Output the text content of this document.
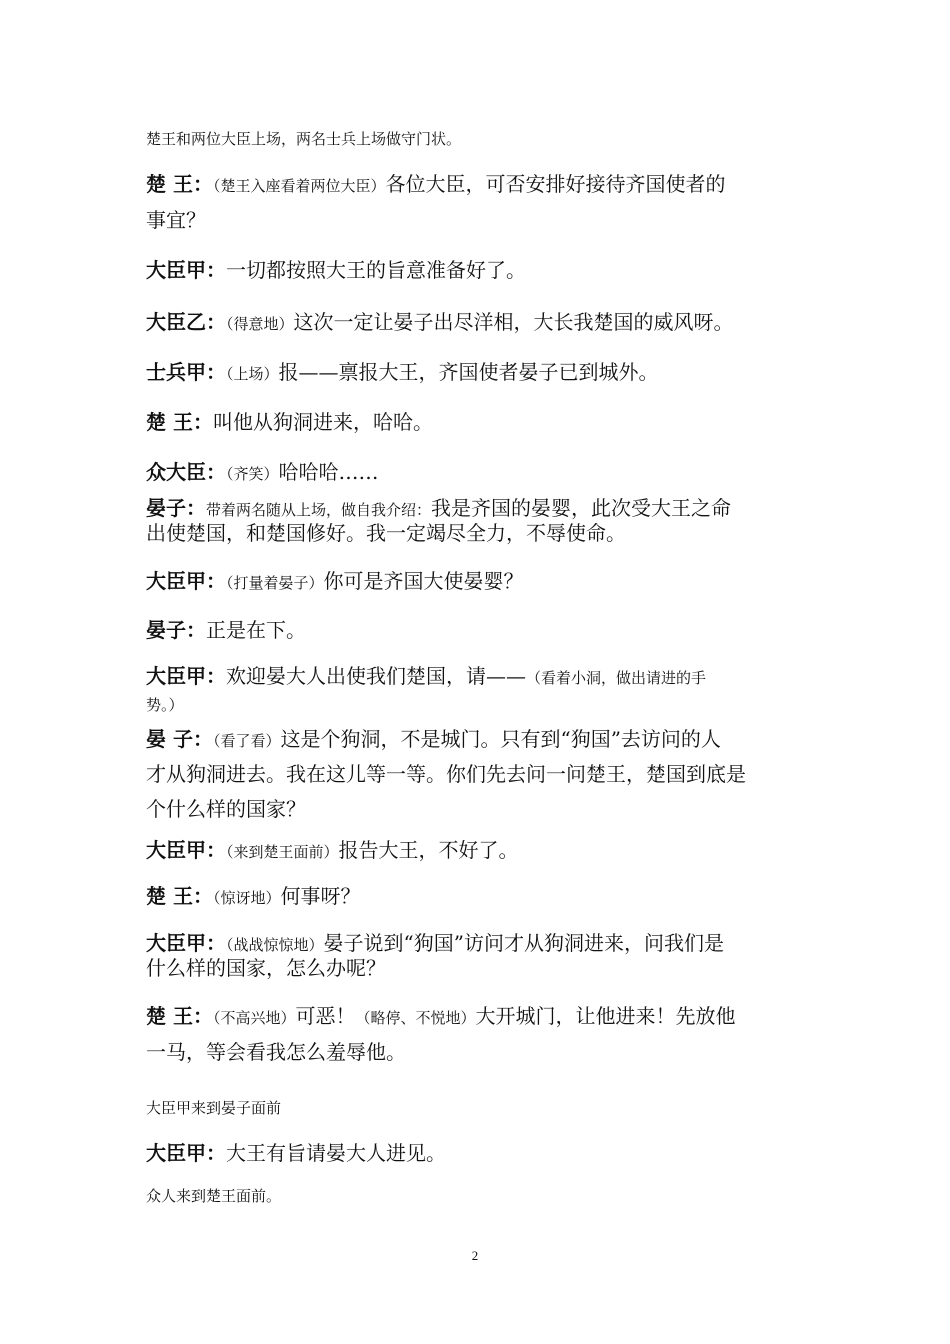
楚王和两位大臣上场，两名士兵上场做守门状。
楚 王：（楚王入座看着两位大臣）各位大臣，可否安排好接待齐国使者的
事宜？
大臣甲：一切都按照大王的旨意准备好了。
大臣乙：（得意地）这次一定让晏子出尽洋相，大长我楚国的威风呀。
士兵甲：（上场）报——禀报大王，齐国使者晏子已到城外。
楚 王：叫他从狗洞进来，哈哈。
众大臣：（齐笑）哈哈哈……
晏子：带着两名随从上场，做自我介绍：我是齐国的晏婴，此次受大王之命
出使楚国，和楚国修好。我一定竭尽全力，不辱使命。
大臣甲：（打量着晏子）你可是齐国大使晏婴？
晏子：正是在下。
大臣甲：欢迎晏大人出使我们楚国，请——（看着小洞，做出请进的手
势。）
晏 子：（看了看）这是个狗洞，不是城门。只有到“狗国”去访问的人
才从狗洞进去。我在这儿等一等。你们先去问一问楚王，楚国到底是
个什么样的国家？
大臣甲：（来到楚王面前）报告大王，不好了。
楚 王：（惊讶地）何事呀？
大臣甲：（战战惊惊地）晏子说到“狗国”访问才从狗洞进来，问我们是
什么样的国家，怎么办呢？
楚 王：（不高兴地）可恶！（略停、不悦地）大开城门，让他进来！先放他
一马，等会看我怎么羞辱他。
大臣甲来到晏子面前
大臣甲：大王有旨请晏大人进见。
众人来到楚王面前。
2
